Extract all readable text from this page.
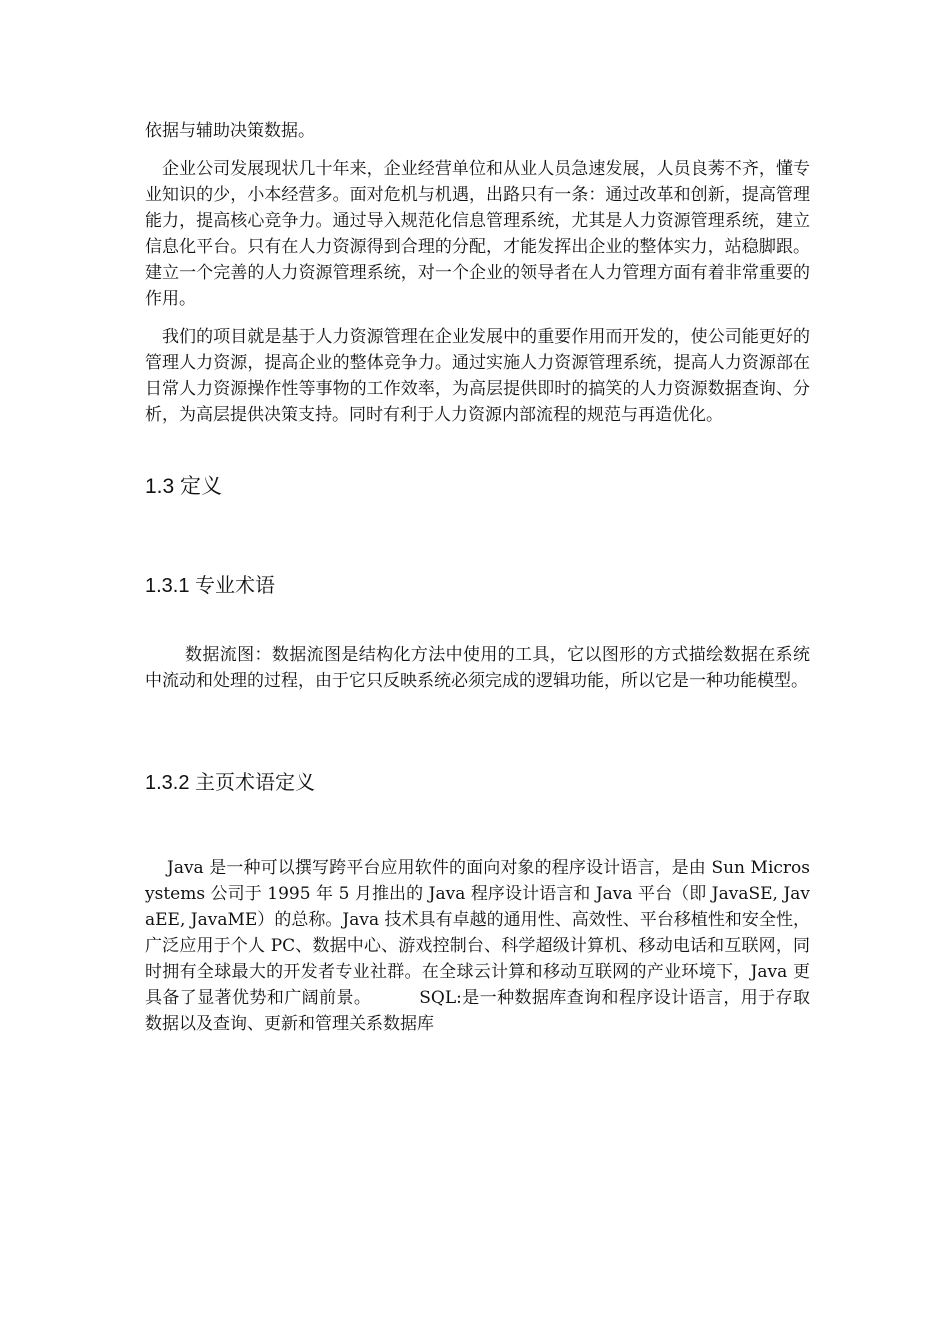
依据与辅助决策数据。

企业公司发展现状几十年来，企业经营单位和从业人员急速发展，人员良莠不齐，懂专业知识的少，小本经营多。面对危机与机遇，出路只有一条：通过改革和创新，提高管理能力，提高核心竞争力。通过导入规范化信息管理系统，尤其是人力资源管理系统，建立信息化平台。只有在人力资源得到合理的分配，才能发挥出企业的整体实力，站稳脚跟。建立一个完善的人力资源管理系统，对一个企业的领导者在人力管理方面有着非常重要的作用。

我们的项目就是基于人力资源管理在企业发展中的重要作用而开发的，使公司能更好的管理人力资源，提高企业的整体竞争力。通过实施人力资源管理系统，提高人力资源部在日常人力资源操作性等事物的工作效率，为高层提供即时的搞笑的人力资源数据查询、分析，为高层提供决策支持。同时有利于人力资源内部流程的规范与再造优化。

1.3 定义
1.3.1 专业术语

数据流图：数据流图是结构化方法中使用的工具，它以图形的方式描绘数据在系统中流动和处理的过程，由于它只反映系统必须完成的逻辑功能，所以它是一种功能模型。

1.3.2 主页术语定义

Java 是一种可以撰写跨平台应用软件的面向对象的程序设计语言，是由 Sun Microsystems 公司于 1995 年 5 月推出的 Java 程序设计语言和 Java 平台（即 JavaSE, JavaEE, JavaME）的总称。Java 技术具有卓越的通用性、高效性、平台移植性和安全性，广泛应用于个人 PC、数据中心、游戏控制台、科学超级计算机、移动电话和互联网，同时拥有全球最大的开发者专业社群。在全球云计算和移动互联网的产业环境下，Java 更具备了显著优势和广阔前景。	SQL:是一种数据库查询和程序设计语言，用于存取数据以及查询、更新和管理关系数据库
